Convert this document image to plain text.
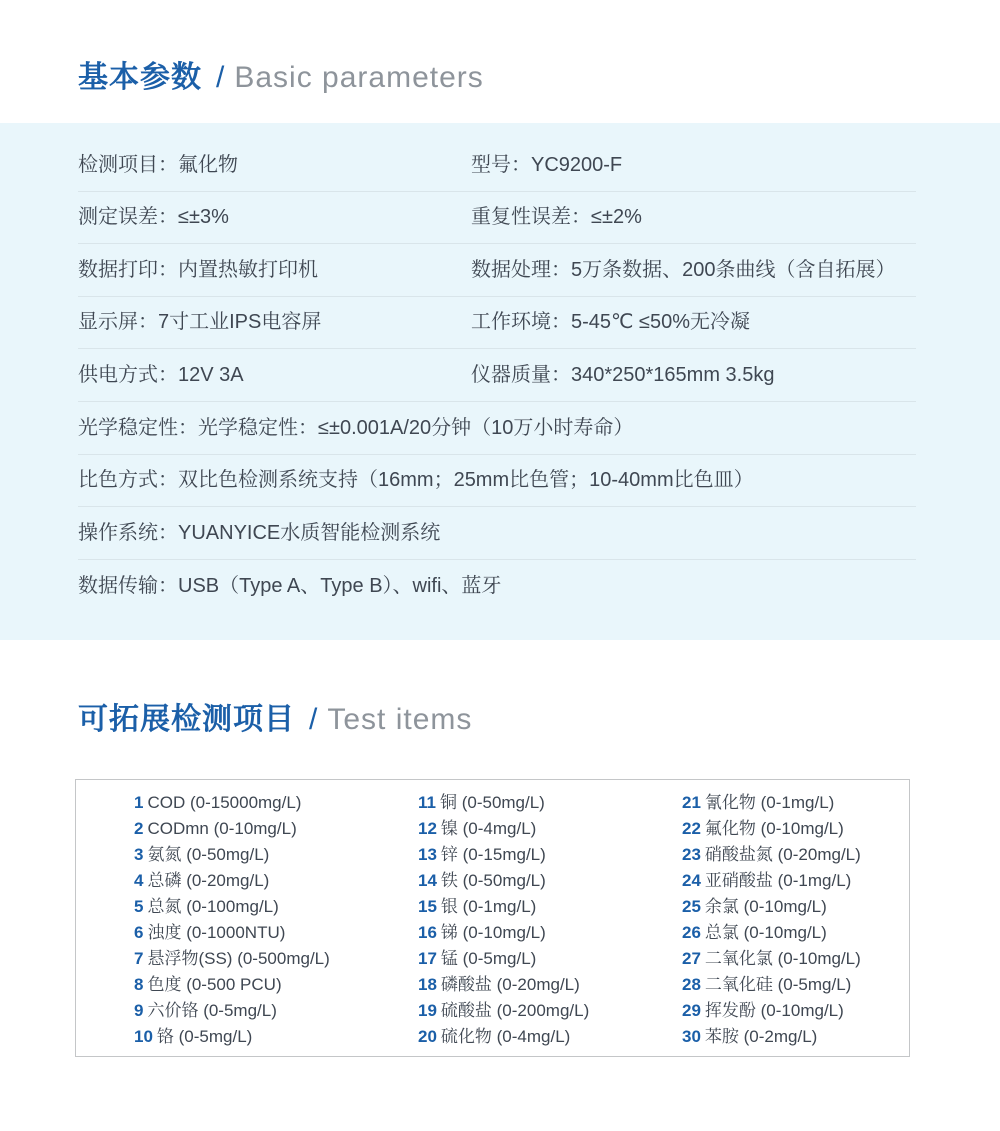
基本参数 / Basic parameters
检测项目：氟化物	型号：YC9200-F
测定误差：≤±3%	重复性误差：≤±2%
数据打印：内置热敏打印机	数据处理：5万条数据、200条曲线（含自拓展）
显示屏：7寸工业IPS电容屏	工作环境：5-45℃ ≤50%无冷凝
供电方式：12V 3A	仪器质量：340*250*165mm 3.5kg
光学稳定性：光学稳定性：≤±0.001A/20分钟（10万小时寿命）
比色方式：双比色检测系统支持（16mm；25mm比色管；10-40mm比色皿）
操作系统：YUANYICE水质智能检测系统
数据传输：USB（Type A、Type B）、wifi、蓝牙
可拓展检测项目 / Test items
1 COD (0-15000mg/L)
2 CODmn (0-10mg/L)
3 氨氮 (0-50mg/L)
4 总磷 (0-20mg/L)
5 总氮 (0-100mg/L)
6 浊度 (0-1000NTU)
7 悬浮物(SS) (0-500mg/L)
8 色度 (0-500 PCU)
9 六价铬 (0-5mg/L)
10 铬 (0-5mg/L)
11 铜 (0-50mg/L)
12 镍 (0-4mg/L)
13 锌 (0-15mg/L)
14 铁 (0-50mg/L)
15 银 (0-1mg/L)
16 锑 (0-10mg/L)
17 锰 (0-5mg/L)
18 磷酸盐 (0-20mg/L)
19 硫酸盐 (0-200mg/L)
20 硫化物 (0-4mg/L)
21 氰化物 (0-1mg/L)
22 氟化物 (0-10mg/L)
23 硝酸盐氮 (0-20mg/L)
24 亚硝酸盐 (0-1mg/L)
25 余氯 (0-10mg/L)
26 总氯 (0-10mg/L)
27 二氧化氯 (0-10mg/L)
28 二氧化硅 (0-5mg/L)
29 挥发酚 (0-10mg/L)
30 苯胺 (0-2mg/L)
